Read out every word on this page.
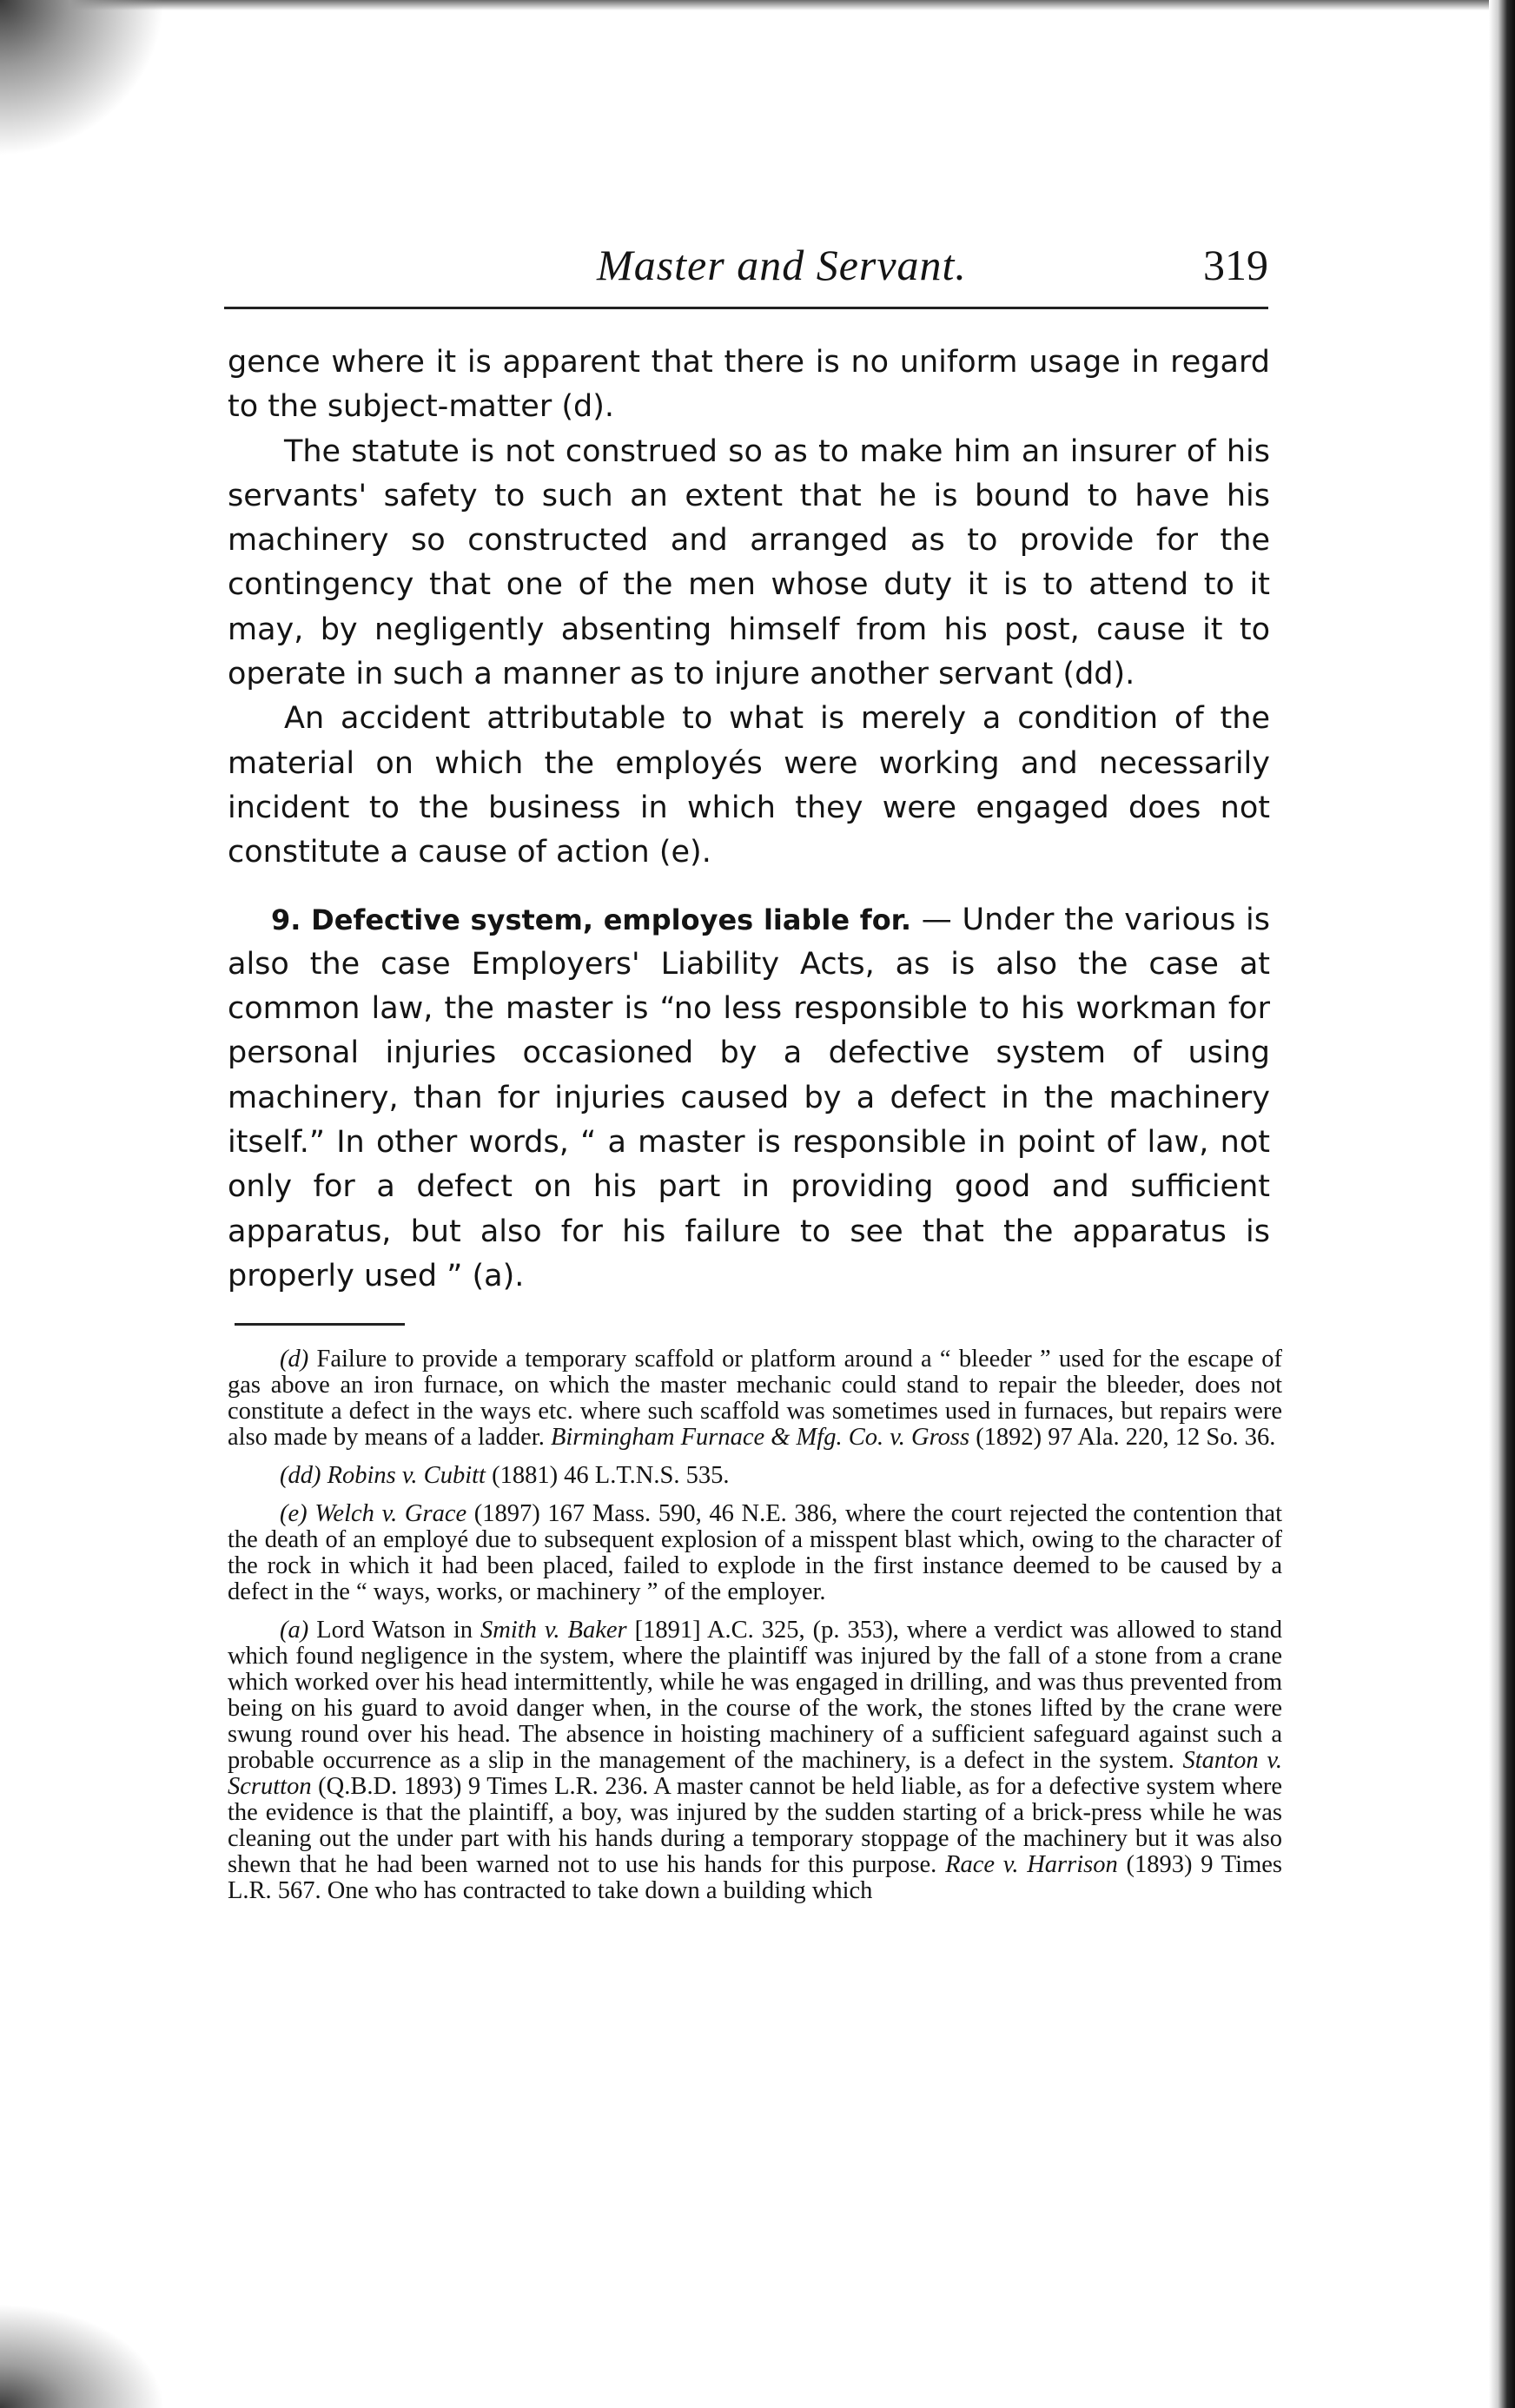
Master and Servant.	319

gence where it is apparent that there is no uniform usage in regard to the subject-matter (d).

The statute is not construed so as to make him an insurer of his servants' safety to such an extent that he is bound to have his machinery so constructed and arranged as to provide for the contingency that one of the men whose duty it is to attend to it may, by negligently absenting himself from his post, cause it to operate in such a manner as to injure another servant (dd).

An accident attributable to what is merely a condition of the material on which the employés were working and necessarily incident to the business in which they were engaged does not constitute a cause of action (e).

9. Defective system, employes liable for. — Under the various is also the case Employers' Liability Acts, as is also the case at common law, the master is “no less responsible to his workman for personal injuries occasioned by a defective system of using machinery, than for injuries caused by a defect in the machinery itself.” In other words, “ a master is responsible in point of law, not only for a defect on his part in providing good and sufficient apparatus, but also for his failure to see that the apparatus is properly used ” (a).

(d) Failure to provide a temporary scaffold or platform around a “ bleeder ” used for the escape of gas above an iron furnace, on which the master mechanic could stand to repair the bleeder, does not constitute a defect in the ways etc. where such scaffold was sometimes used in furnaces, but repairs were also made by means of a ladder. Birmingham Furnace & Mfg. Co. v. Gross (1892) 97 Ala. 220, 12 So. 36.

(dd) Robins v. Cubitt (1881) 46 L.T.N.S. 535.

(e) Welch v. Grace (1897) 167 Mass. 590, 46 N.E. 386, where the court rejected the contention that the death of an employé due to subsequent explosion of a misspent blast which, owing to the character of the rock in which it had been placed, failed to explode in the first instance deemed to be caused by a defect in the “ ways, works, or machinery ” of the employer.

(a) Lord Watson in Smith v. Baker [1891] A.C. 325, (p. 353), where a verdict was allowed to stand which found negligence in the system, where the plaintiff was injured by the fall of a stone from a crane which worked over his head intermittently, while he was engaged in drilling, and was thus prevented from being on his guard to avoid danger when, in the course of the work, the stones lifted by the crane were swung round over his head. The absence in hoisting machinery of a sufficient safeguard against such a probable occurrence as a slip in the management of the machinery, is a defect in the system. Stanton v. Scrutton (Q.B.D. 1893) 9 Times L.R. 236. A master cannot be held liable, as for a defective system where the evidence is that the plaintiff, a boy, was injured by the sudden starting of a brick-press while he was cleaning out the under part with his hands during a temporary stoppage of the machinery but it was also shewn that he had been warned not to use his hands for this purpose. Race v. Harrison (1893) 9 Times L.R. 567. One who has contracted to take down a building which
